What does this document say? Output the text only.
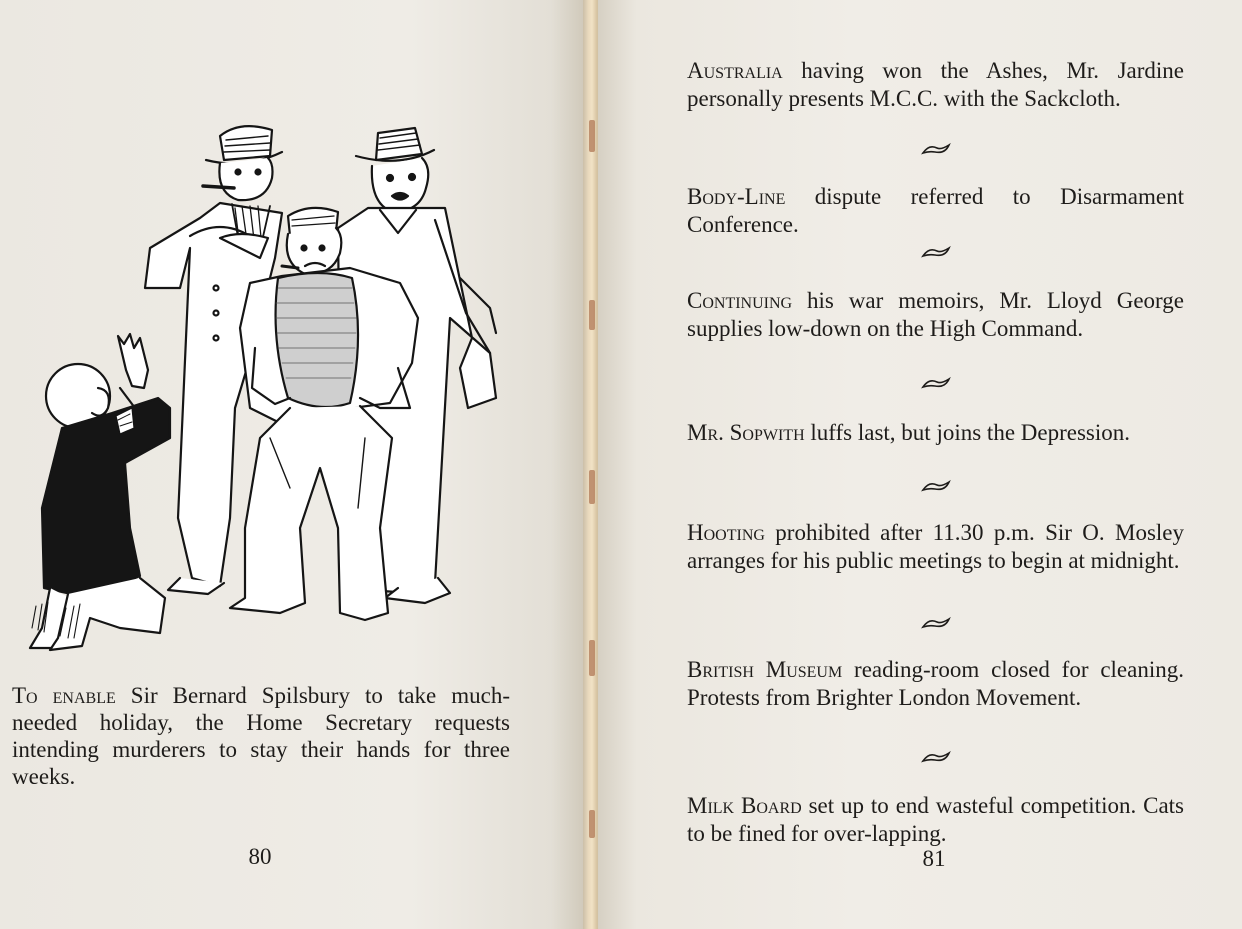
To enable Sir Bernard Spilsbury to take much-needed holiday, the Home Secretary requests intending murderers to stay their hands for three weeks.

80

Australia having won the Ashes, Mr. Jardine personally presents M.C.C. with the Sackcloth.

Body-Line dispute referred to Disarmament Conference.

Continuing his war memoirs, Mr. Lloyd George supplies low-down on the High Command.

Mr. Sopwith luffs last, but joins the Depression.

Hooting prohibited after 11.30 p.m. Sir O. Mosley arranges for his public meetings to begin at midnight.

British Museum reading-room closed for cleaning. Protests from Brighter London Movement.

Milk Board set up to end wasteful competition. Cats to be fined for over-lapping.

81
